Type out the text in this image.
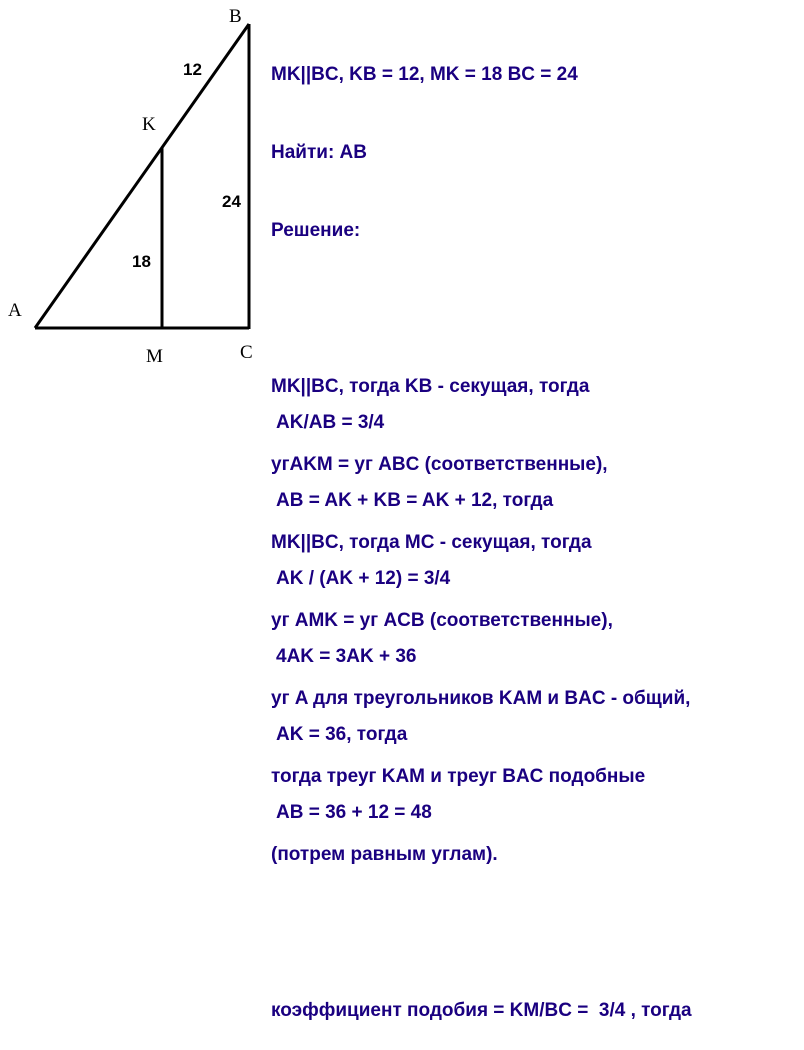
B
K
A
M	C
12
24
18

MK||BC, KB = 12, MK = 18 BC = 24

Найти: AB

Решение:

MK||BC, тогда KB - секущая, тогда

угAKM = уг ABC (соответственные),

MK||BC, тогда MC - секущая, тогда

уг AMK = уг ACB (соответственные),

уг A для треугольников KAM и BAC - общий,

тогда треуг KAM и треуг BAC подобные

(потрем равным углам).

коэффициент подобия = KM/BC =  3/4 , тогда

AK/AB = 3/4

AB = AK + KB = AK + 12, тогда

AK / (AK + 12) = 3/4

4AK = 3AK + 36

AK = 36, тогда

AB = 36 + 12 = 48
